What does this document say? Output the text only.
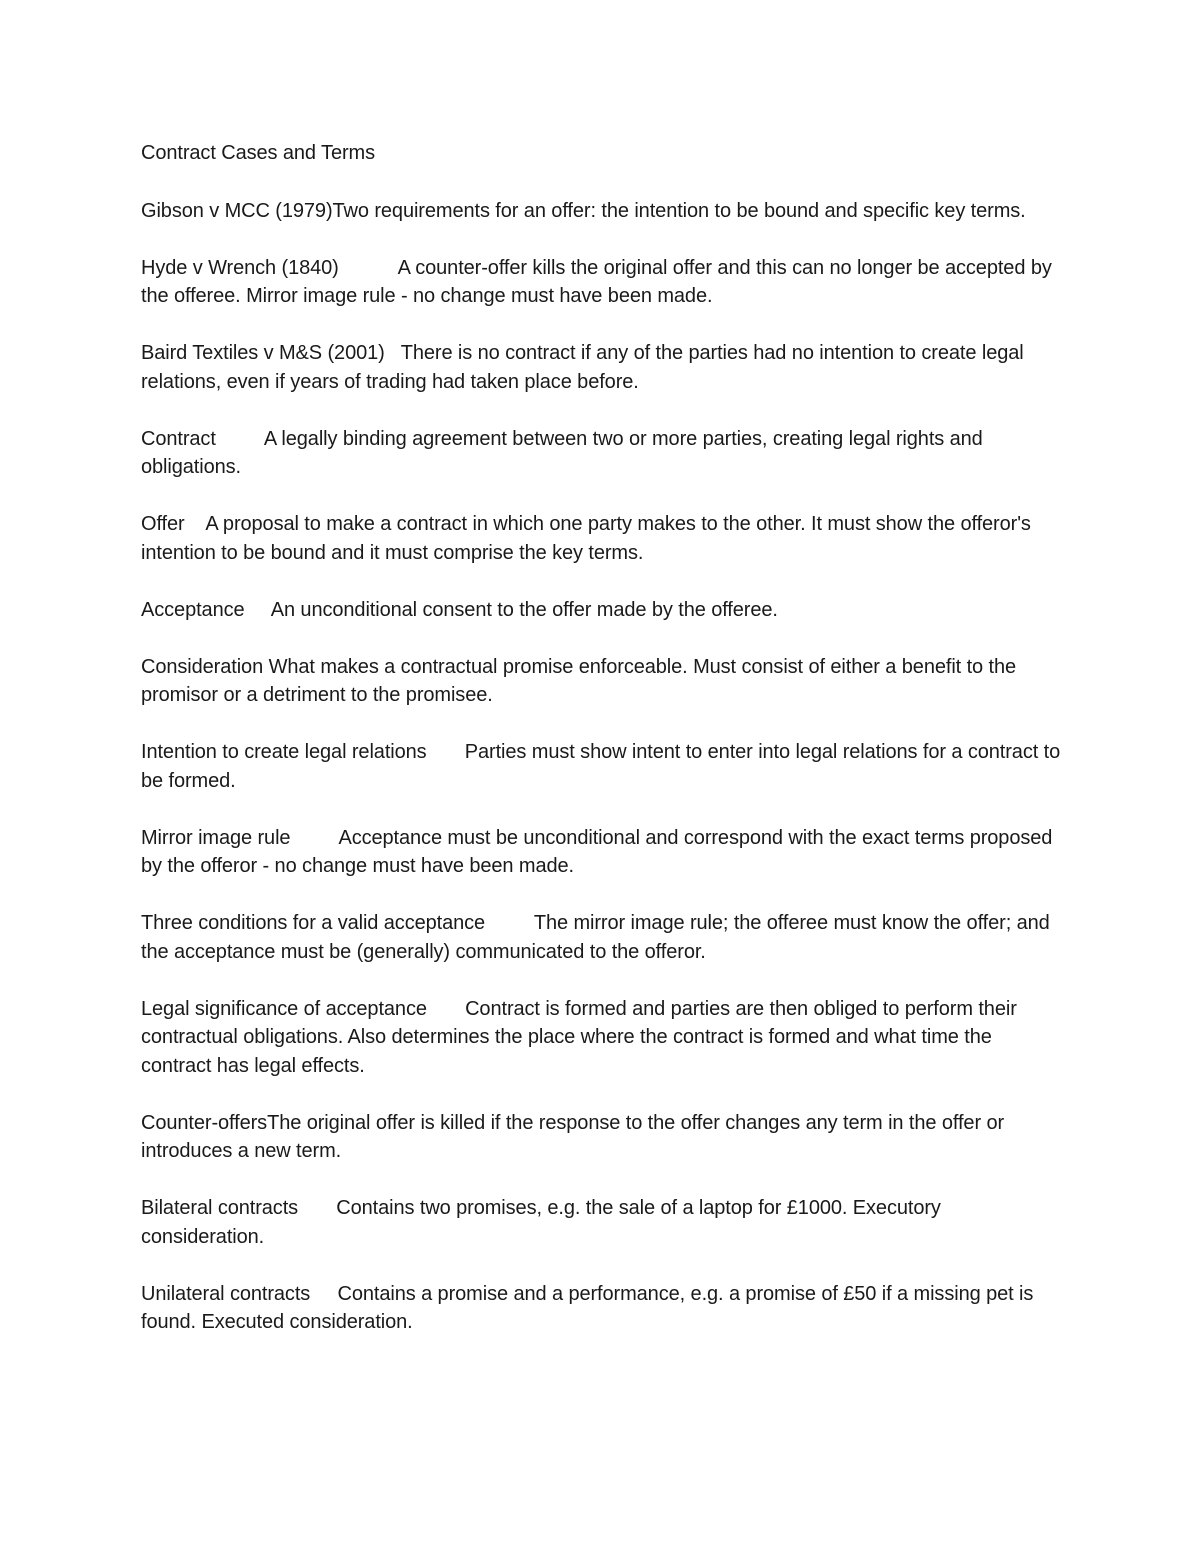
Contract Cases and Terms
Gibson v MCC (1979)Two requirements for an offer: the intention to be bound and specific key terms.
Hyde v Wrench (1840)	A counter-offer kills the original offer and this can no longer be accepted by the offeree. Mirror image rule - no change must have been made.
Baird Textiles v M&S (2001) There is no contract if any of the parties had no intention to create legal relations, even if years of trading had taken place before.
Contract A legally binding agreement between two or more parties, creating legal rights and obligations.
Offer A proposal to make a contract in which one party makes to the other. It must show the offeror's intention to be bound and it must comprise the key terms.
Acceptance An unconditional consent to the offer made by the offeree.
Consideration What makes a contractual promise enforceable. Must consist of either a benefit to the promisor or a detriment to the promisee.
Intention to create legal relations Parties must show intent to enter into legal relations for a contract to be formed.
Mirror image rule Acceptance must be unconditional and correspond with the exact terms proposed by the offeror - no change must have been made.
Three conditions for a valid acceptance The mirror image rule; the offeree must know the offer; and the acceptance must be (generally) communicated to the offeror.
Legal significance of acceptance Contract is formed and parties are then obliged to perform their contractual obligations. Also determines the place where the contract is formed and what time the contract has legal effects.
Counter-offersThe original offer is killed if the response to the offer changes any term in the offer or introduces a new term.
Bilateral contracts Contains two promises, e.g. the sale of a laptop for £1000. Executory consideration.
Unilateral contracts Contains a promise and a performance, e.g. a promise of £50 if a missing pet is found. Executed consideration.
